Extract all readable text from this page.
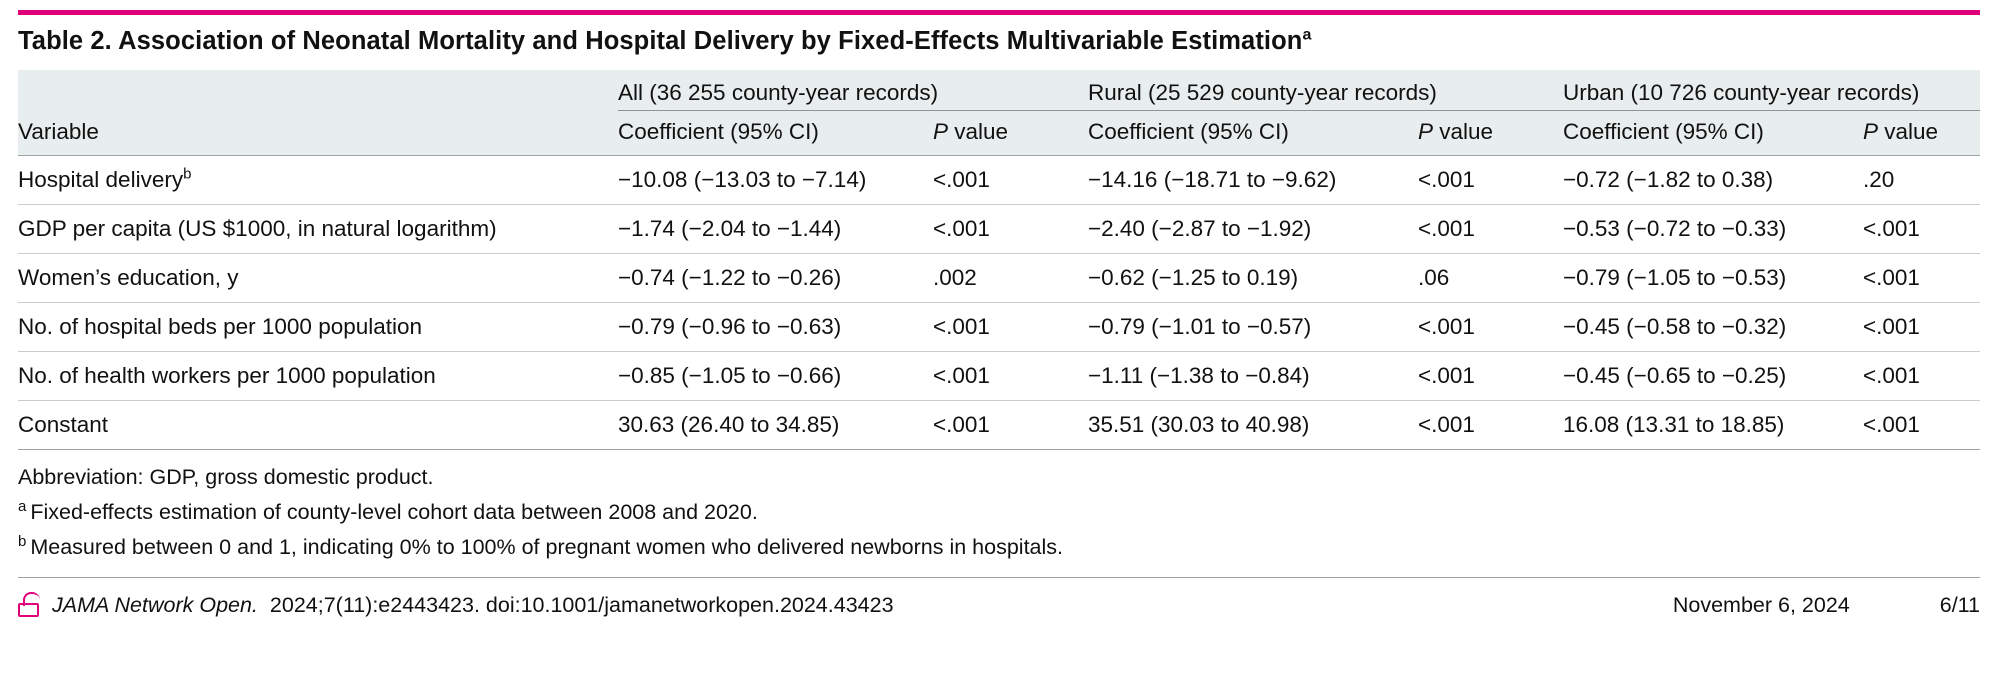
Table 2. Association of Neonatal Mortality and Hospital Delivery by Fixed-Effects Multivariable Estimation$^a$
	All (36 255 county-year records)		Rural (25 529 county-year records)		Urban (10 726 county-year records)	
Variable	Coefficient (95% CI)	P value	Coefficient (95% CI)	P value	Coefficient (95% CI)	P value
Hospital delivery$^b$	−10.08 (−13.03 to −7.14)	<.001	−14.16 (−18.71 to −9.62)	<.001	−0.72 (−1.82 to 0.38)	.20
GDP per capita (US $1000, in natural logarithm)	−1.74 (−2.04 to −1.44)	<.001	−2.40 (−2.87 to −1.92)	<.001	−0.53 (−0.72 to −0.33)	<.001
Women’s education, y	−0.74 (−1.22 to −0.26)	.002	−0.62 (−1.25 to 0.19)	.06	−0.79 (−1.05 to −0.53)	<.001
No. of hospital beds per 1000 population	−0.79 (−0.96 to −0.63)	<.001	−0.79 (−1.01 to −0.57)	<.001	−0.45 (−0.58 to −0.32)	<.001
No. of health workers per 1000 population	−0.85 (−1.05 to −0.66)	<.001	−1.11 (−1.38 to −0.84)	<.001	−0.45 (−0.65 to −0.25)	<.001
Constant	30.63 (26.40 to 34.85)	<.001	35.51 (30.03 to 40.98)	<.001	16.08 (13.31 to 18.85)	<.001
Abbreviation: GDP, gross domestic product.
$^a$ Fixed-effects estimation of county-level cohort data between 2008 and 2020.
$^b$ Measured between 0 and 1, indicating 0% to 100% of pregnant women who delivered newborns in hospitals.
JAMA Network Open. 2024;7(11):e2443423. doi:10.1001/jamanetworkopen.2024.43423	November 6, 2024	6/11
